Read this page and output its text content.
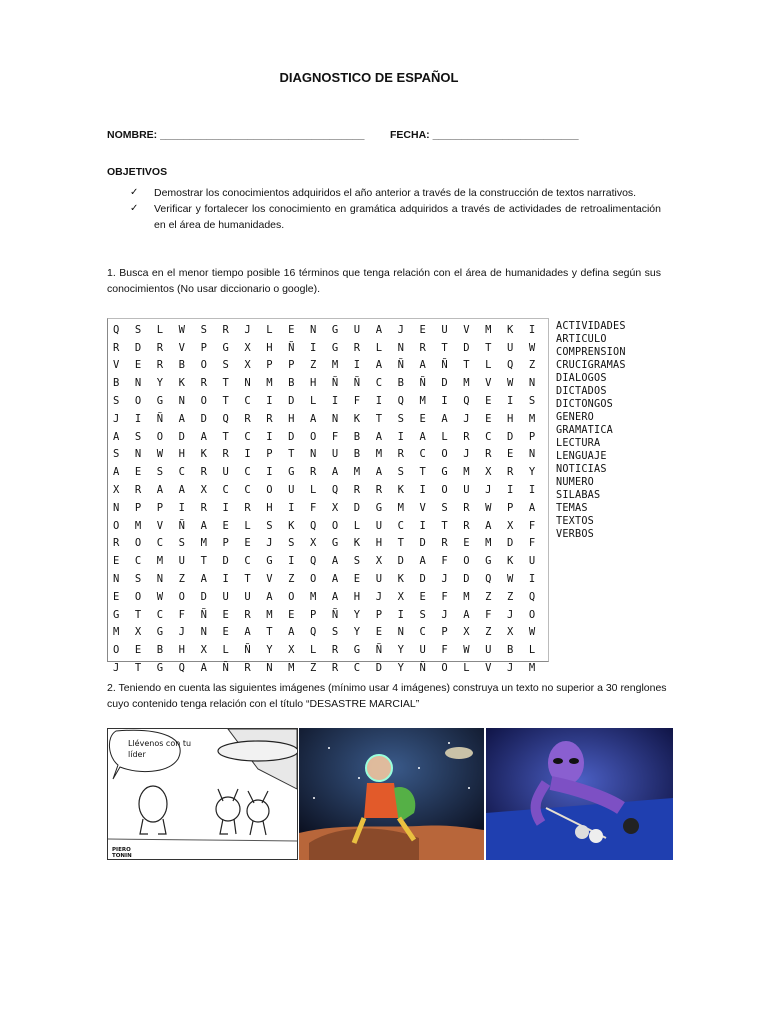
DIAGNOSTICO DE ESPAÑOL
NOMBRE: ___________________________________ FECHA: _________________________
OBJETIVOS
✓ Demostrar los conocimientos adquiridos el año anterior a través de la construcción de textos narrativos.
✓ Verificar y fortalecer los conocimiento en gramática adquiridos a través de actividades de retroalimentación en el área de humanidades.
1. Busca en el menor tiempo posible 16 términos que tenga relación con el área de humanidades y defina según sus conocimientos (No usar diccionario o google).
Q	S	L	W	S	R	J	L	E	N	G	U	A	J	E	U	V	M	K	I
R	D	R	V	P	G	X	H	Ñ	I	G	R	L	N	R	T	D	T	U	W
V	E	R	B	O	S	X	P	P	Z	M	I	A	Ñ	A	Ñ	T	L	Q	Z
B	N	Y	K	R	T	N	M	B	H	Ñ	Ñ	C	B	Ñ	D	M	V	W	N
S	O	G	N	O	T	C	I	D	L	I	F	I	Q	M	I	Q	E	I	S
J	I	Ñ	A	D	Q	R	R	H	A	N	K	T	S	E	A	J	E	H	M
A	S	O	D	A	T	C	I	D	O	F	B	A	I	A	L	R	C	D	P
S	N	W	H	K	R	I	P	T	N	U	B	M	R	C	O	J	R	E	N
A	E	S	C	R	U	C	I	G	R	A	M	A	S	T	G	M	X	R	Y
X	R	A	A	X	C	C	O	U	L	Q	R	R	K	I	O	U	J	I	I
N	P	P	I	R	I	R	H	I	F	X	D	G	M	V	S	R	W	P	A
O	M	V	Ñ	A	E	L	S	K	Q	O	L	U	C	I	T	R	A	X	F
R	O	C	S	M	P	E	J	S	X	G	K	H	T	D	R	E	M	D	F
E	C	M	U	T	D	C	G	I	Q	A	S	X	D	A	F	O	G	K	U
N	S	N	Z	A	I	T	V	Z	O	A	E	U	K	D	J	D	Q	W	I
E	O	W	O	D	U	U	A	O	M	A	H	J	X	E	F	M	Z	Z	Q
G	T	C	F	Ñ	E	R	M	E	P	Ñ	Y	P	I	S	J	A	F	J	O
M	X	G	J	N	E	A	T	A	Q	S	Y	E	N	C	P	X	Z	X	W
O	E	B	H	X	L	Ñ	Y	X	L	R	G	Ñ	Y	U	F	W	U	B	L
J	T	G	Q	A	Ñ	R	N	M	Z	R	C	D	Y	Ñ	O	L	V	J	M
ACTIVIDADES
ARTICULO
COMPRENSION
CRUCIGRAMAS
DIALOGOS
DICTADOS
DICTONGOS
GENERO
GRAMATICA
LECTURA
LENGUAJE
NOTICIAS
NUMERO
SILABAS
TEMAS
TEXTOS
VERBOS
2. Teniendo en cuenta las siguientes imágenes (mínimo usar 4 imágenes) construya un texto no superior a 30 renglones cuyo contenido tenga relación con el título “DESASTRE MARCIAL”
Llévenos con tu
líder
PIERO
TONIN
